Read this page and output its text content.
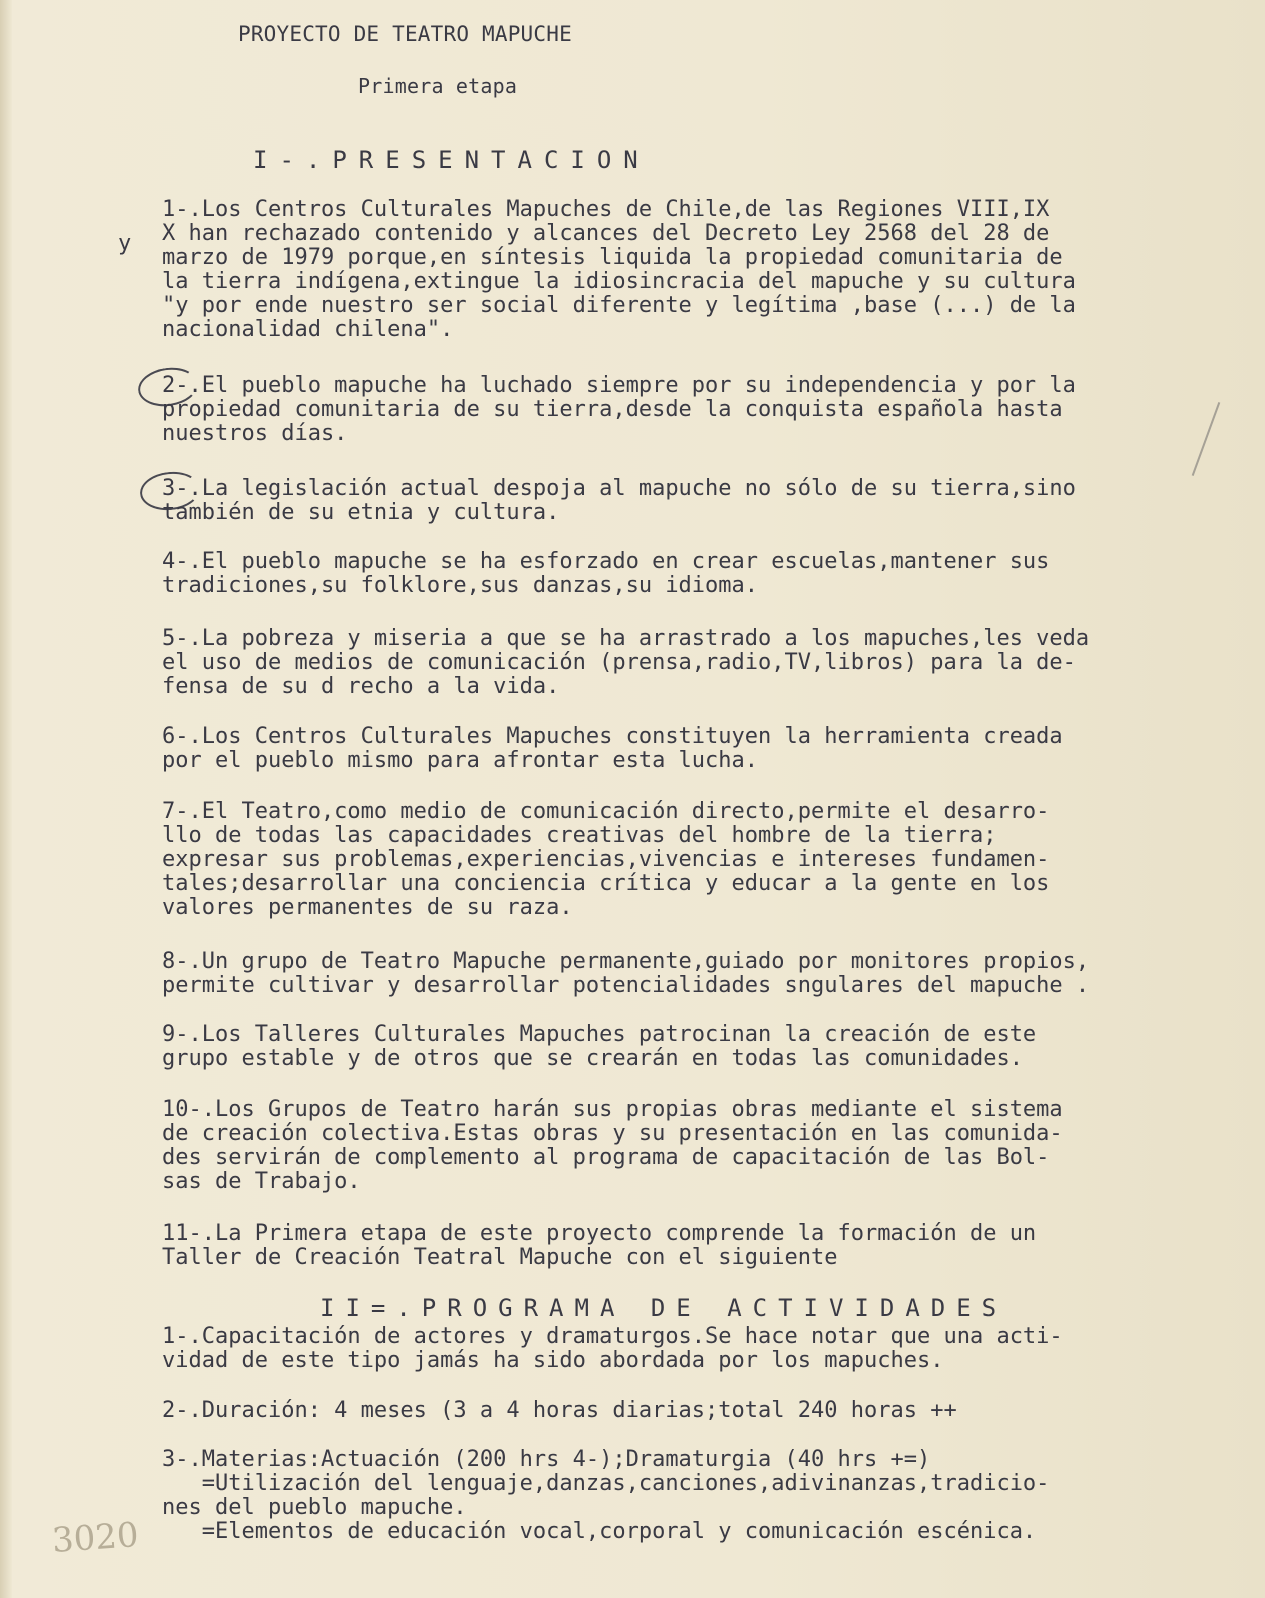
PROYECTO DE TEATRO MAPUCHE
Primera etapa
I-.PRESENTACION
y
1-.Los Centros Culturales Mapuches de Chile,de las Regiones VIII,IX
X han rechazado contenido y alcances del Decreto Ley 2568 del 28 de
marzo de 1979 porque,en síntesis liquida la propiedad comunitaria de
la tierra indígena,extingue la idiosincracia del mapuche y su cultura
"y por ende nuestro ser social diferente y legítima ,base (...) de la
nacionalidad chilena".
2-.El pueblo mapuche ha luchado siempre por su independencia y por la
propiedad comunitaria de su tierra,desde la conquista española hasta
nuestros días.
3-.La legislación actual despoja al mapuche no sólo de su tierra,sino
también de su etnia y cultura.
4-.El pueblo mapuche se ha esforzado en crear escuelas,mantener sus
tradiciones,su folklore,sus danzas,su idioma.
5-.La pobreza y miseria a que se ha arrastrado a los mapuches,les veda
el uso de medios de comunicación (prensa,radio,TV,libros) para la de-
fensa de su d recho a la vida.
6-.Los Centros Culturales Mapuches constituyen la herramienta creada
por el pueblo mismo para afrontar esta lucha.
7-.El Teatro,como medio de comunicación directo,permite el desarro-
llo de todas las capacidades creativas del hombre de la tierra;
expresar sus problemas,experiencias,vivencias e intereses fundamen-
tales;desarrollar una conciencia crítica y educar a la gente en los
valores permanentes de su raza.
8-.Un grupo de Teatro Mapuche permanente,guiado por monitores propios,
permite cultivar y desarrollar potencialidades sngulares del mapuche .
9-.Los Talleres Culturales Mapuches patrocinan la creación de este
grupo estable y de otros que se crearán en todas las comunidades.
10-.Los Grupos de Teatro harán sus propias obras mediante el sistema
de creación colectiva.Estas obras y su presentación en las comunida-
des servirán de complemento al programa de capacitación de las Bol-
sas de Trabajo.
11-.La Primera etapa de este proyecto comprende la formación de un
Taller de Creación Teatral Mapuche con el siguiente
II=.PROGRAMA DE ACTIVIDADES
1-.Capacitación de actores y dramaturgos.Se hace notar que una acti-
vidad de este tipo jamás ha sido abordada por los mapuches.
2-.Duración: 4 meses (3 a 4 horas diarias;total 240 horas ++
3-.Materias:Actuación (200 hrs 4-);Dramaturgia (40 hrs +=)
=Utilización del lenguaje,danzas,canciones,adivinanzas,tradicio-
nes del pueblo mapuche.
=Elementos de educación vocal,corporal y comunicación escénica.
3020
